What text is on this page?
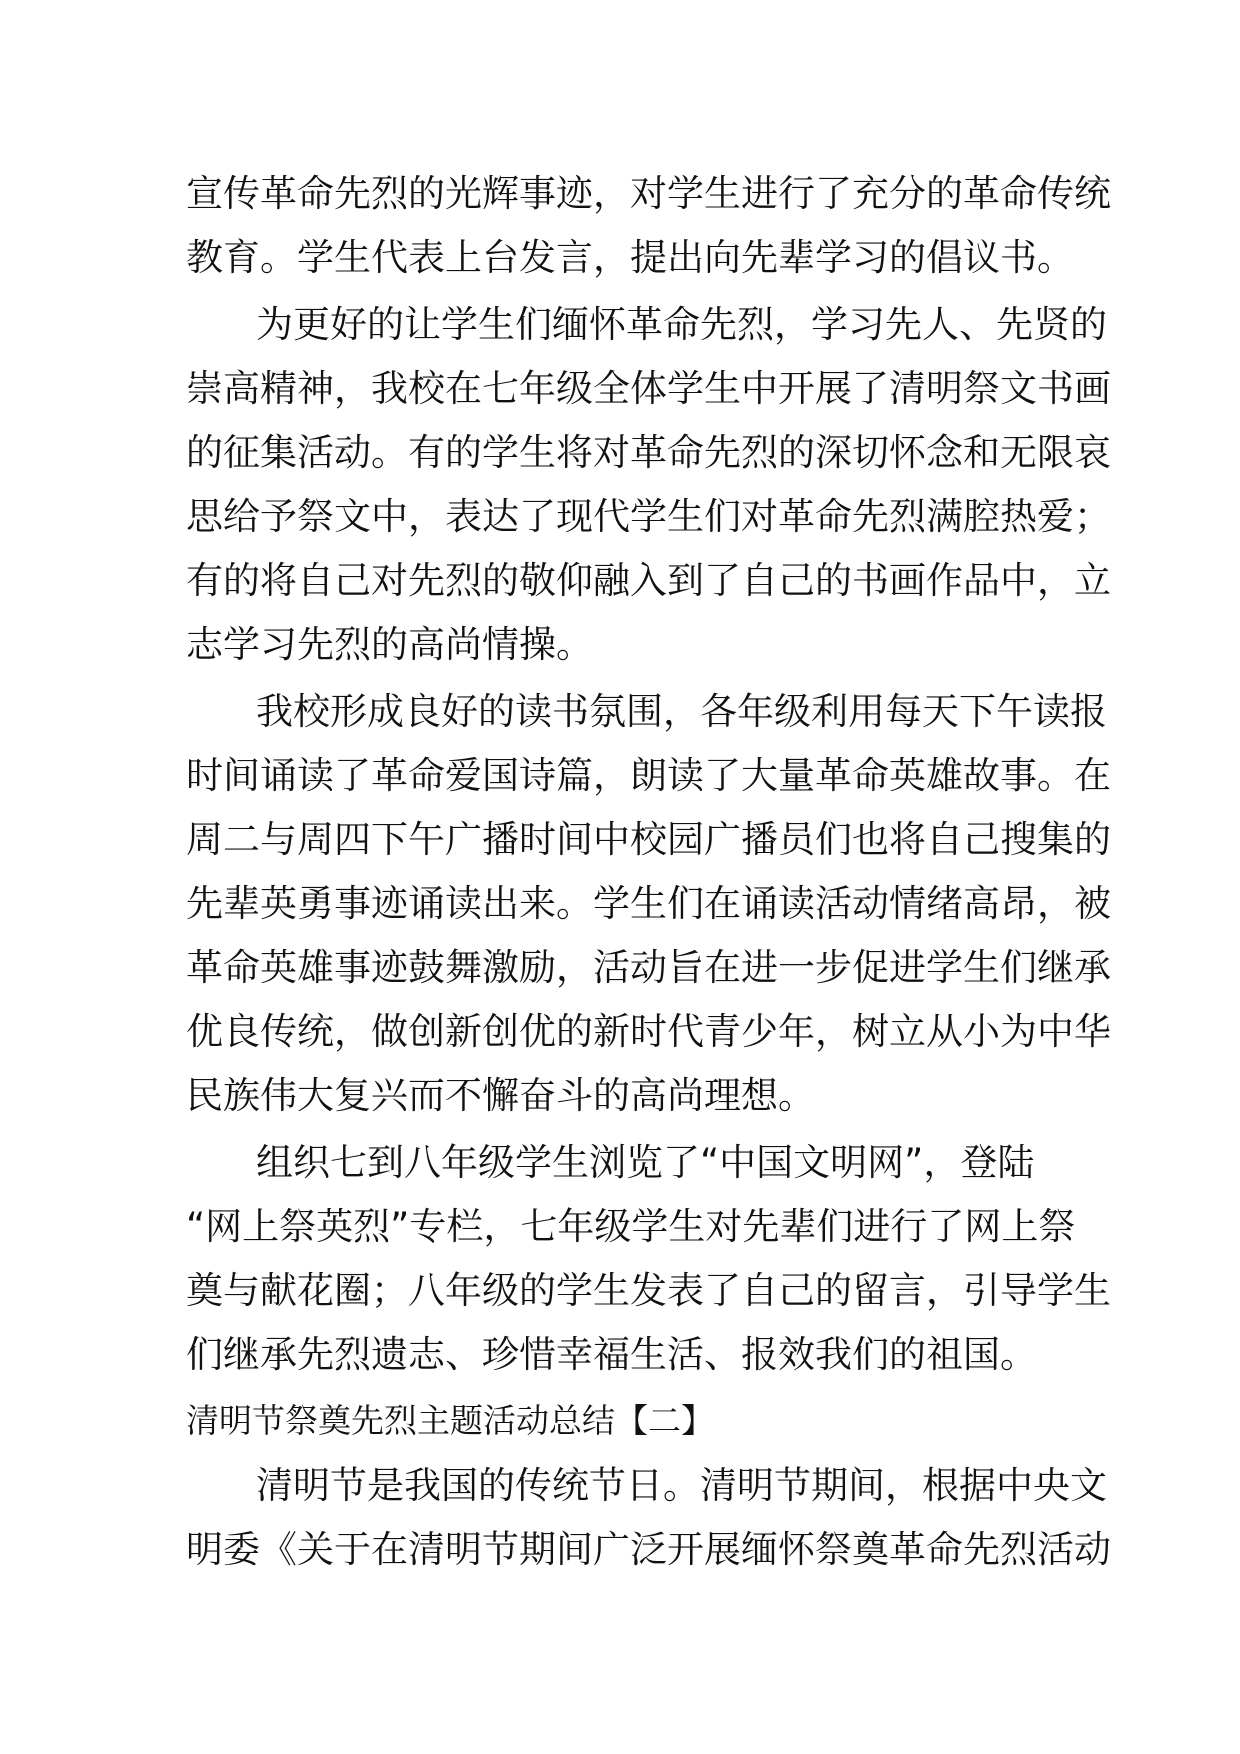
宣传革命先烈的光辉事迹，对学生进行了充分的革命传统
教育。学生代表上台发言，提出向先辈学习的倡议书。
为更好的让学生们缅怀革命先烈，学习先人、先贤的
崇高精神，我校在七年级全体学生中开展了清明祭文书画
的征集活动。有的学生将对革命先烈的深切怀念和无限哀
思给予祭文中，表达了现代学生们对革命先烈满腔热爱；
有的将自己对先烈的敬仰融入到了自己的书画作品中，立
志学习先烈的高尚情操。
我校形成良好的读书氛围，各年级利用每天下午读报
时间诵读了革命爱国诗篇，朗读了大量革命英雄故事。在
周二与周四下午广播时间中校园广播员们也将自己搜集的
先辈英勇事迹诵读出来。学生们在诵读活动情绪高昂，被
革命英雄事迹鼓舞激励，活动旨在进一步促进学生们继承
优良传统，做创新创优的新时代青少年，树立从小为中华
民族伟大复兴而不懈奋斗的高尚理想。
组织七到八年级学生浏览了“中国文明网”，登陆
“网上祭英烈”专栏，七年级学生对先辈们进行了网上祭
奠与献花圈；八年级的学生发表了自己的留言，引导学生
们继承先烈遗志、珍惜幸福生活、报效我们的祖国。
清明节祭奠先烈主题活动总结【二】
清明节是我国的传统节日。清明节期间，根据中央文
明委《关于在清明节期间广泛开展缅怀祭奠革命先烈活动
